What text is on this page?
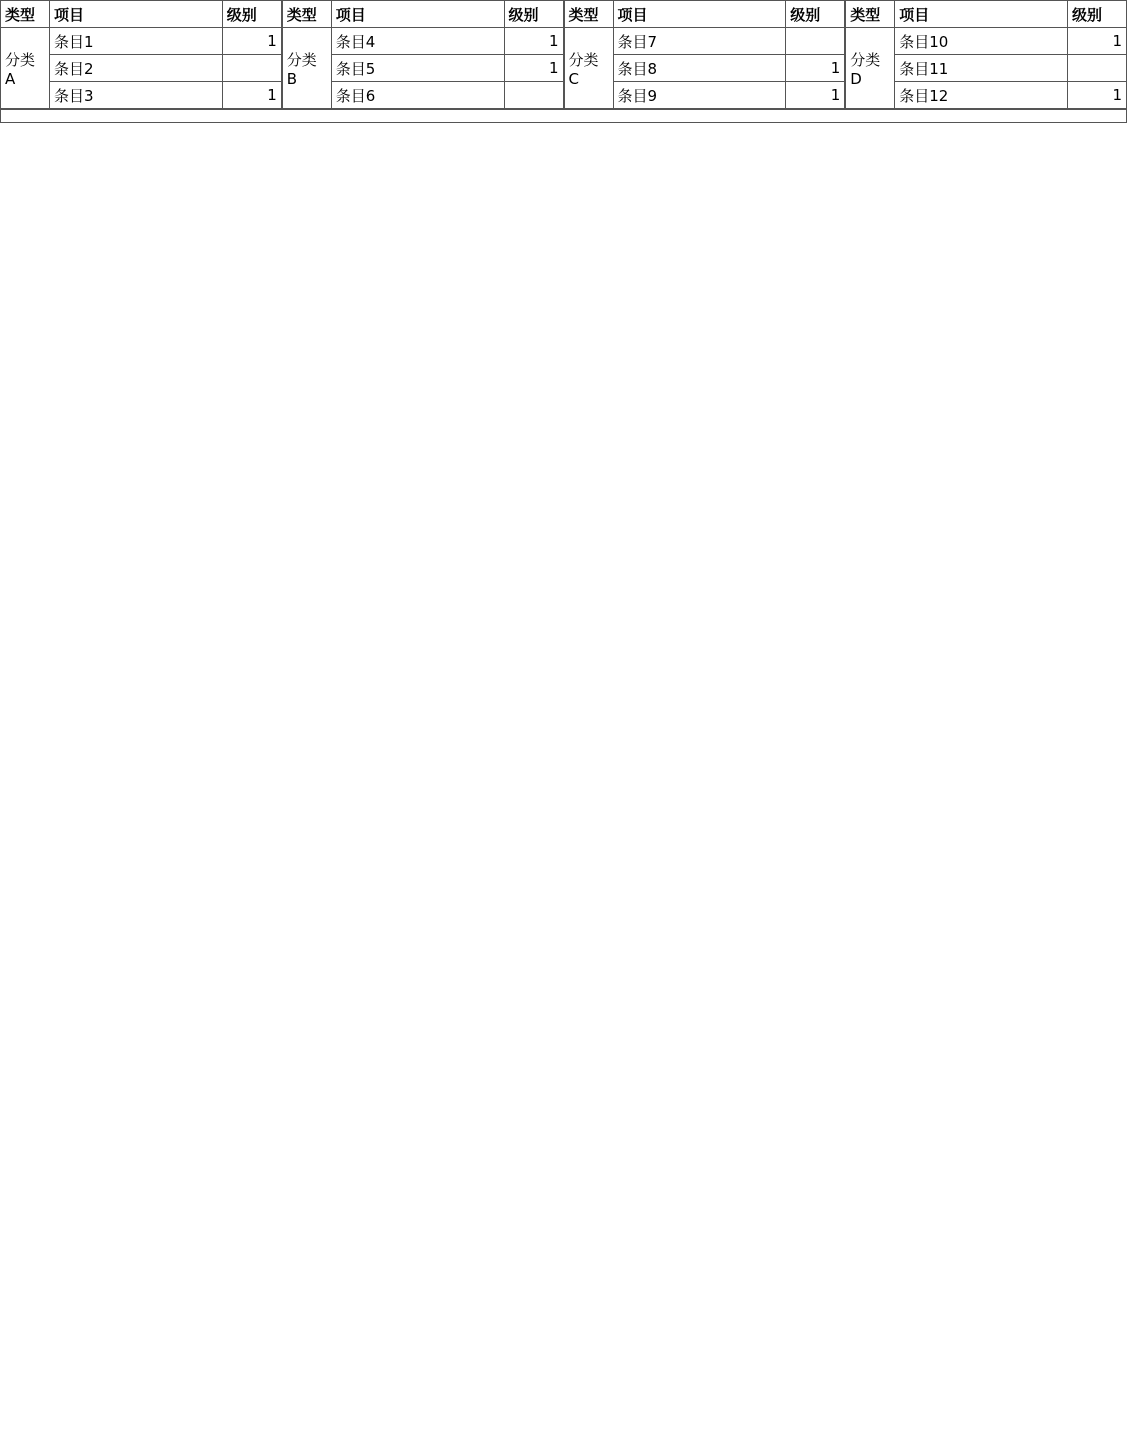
类型	项目	级别
分类A	条目1	1
	条目2	
	条目3	1
类型	项目	级别
分类B	条目4	1
	条目5	1
	条目6	
类型	项目	级别
分类C	条目7	
	条目8	1
	条目9	1
类型	项目	级别
分类D	条目10	1
	条目11	
	条目12	1
